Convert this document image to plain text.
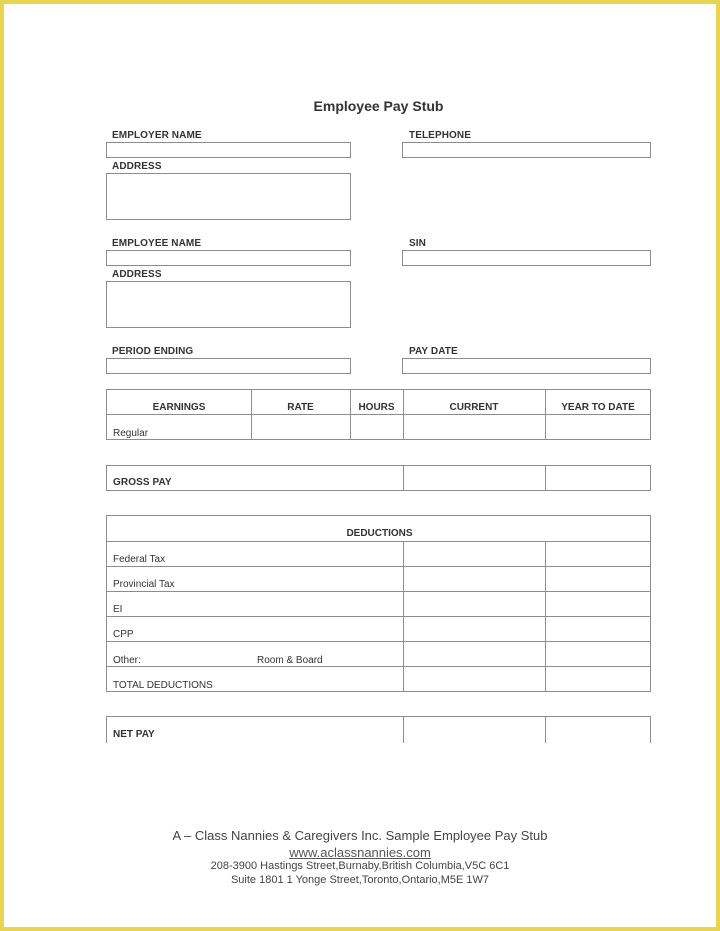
Employee Pay Stub
EMPLOYER NAME	TELEPHONE
ADDRESS
EMPLOYEE NAME	SIN
ADDRESS
PERIOD ENDING	PAY DATE
EARNINGS	RATE	HOURS	CURRENT	YEAR TO DATE
Regular
GROSS PAY
DEDUCTIONS
Federal Tax
Provincial Tax
EI
CPP
Other:	Room & Board
TOTAL DEDUCTIONS
NET PAY
A – Class Nannies & Caregivers Inc. Sample Employee Pay Stub
www.aclassnannies.com
208-3900 Hastings Street,Burnaby,British Columbia,V5C 6C1
Suite 1801 1 Yonge Street,Toronto,Ontario,M5E 1W7
